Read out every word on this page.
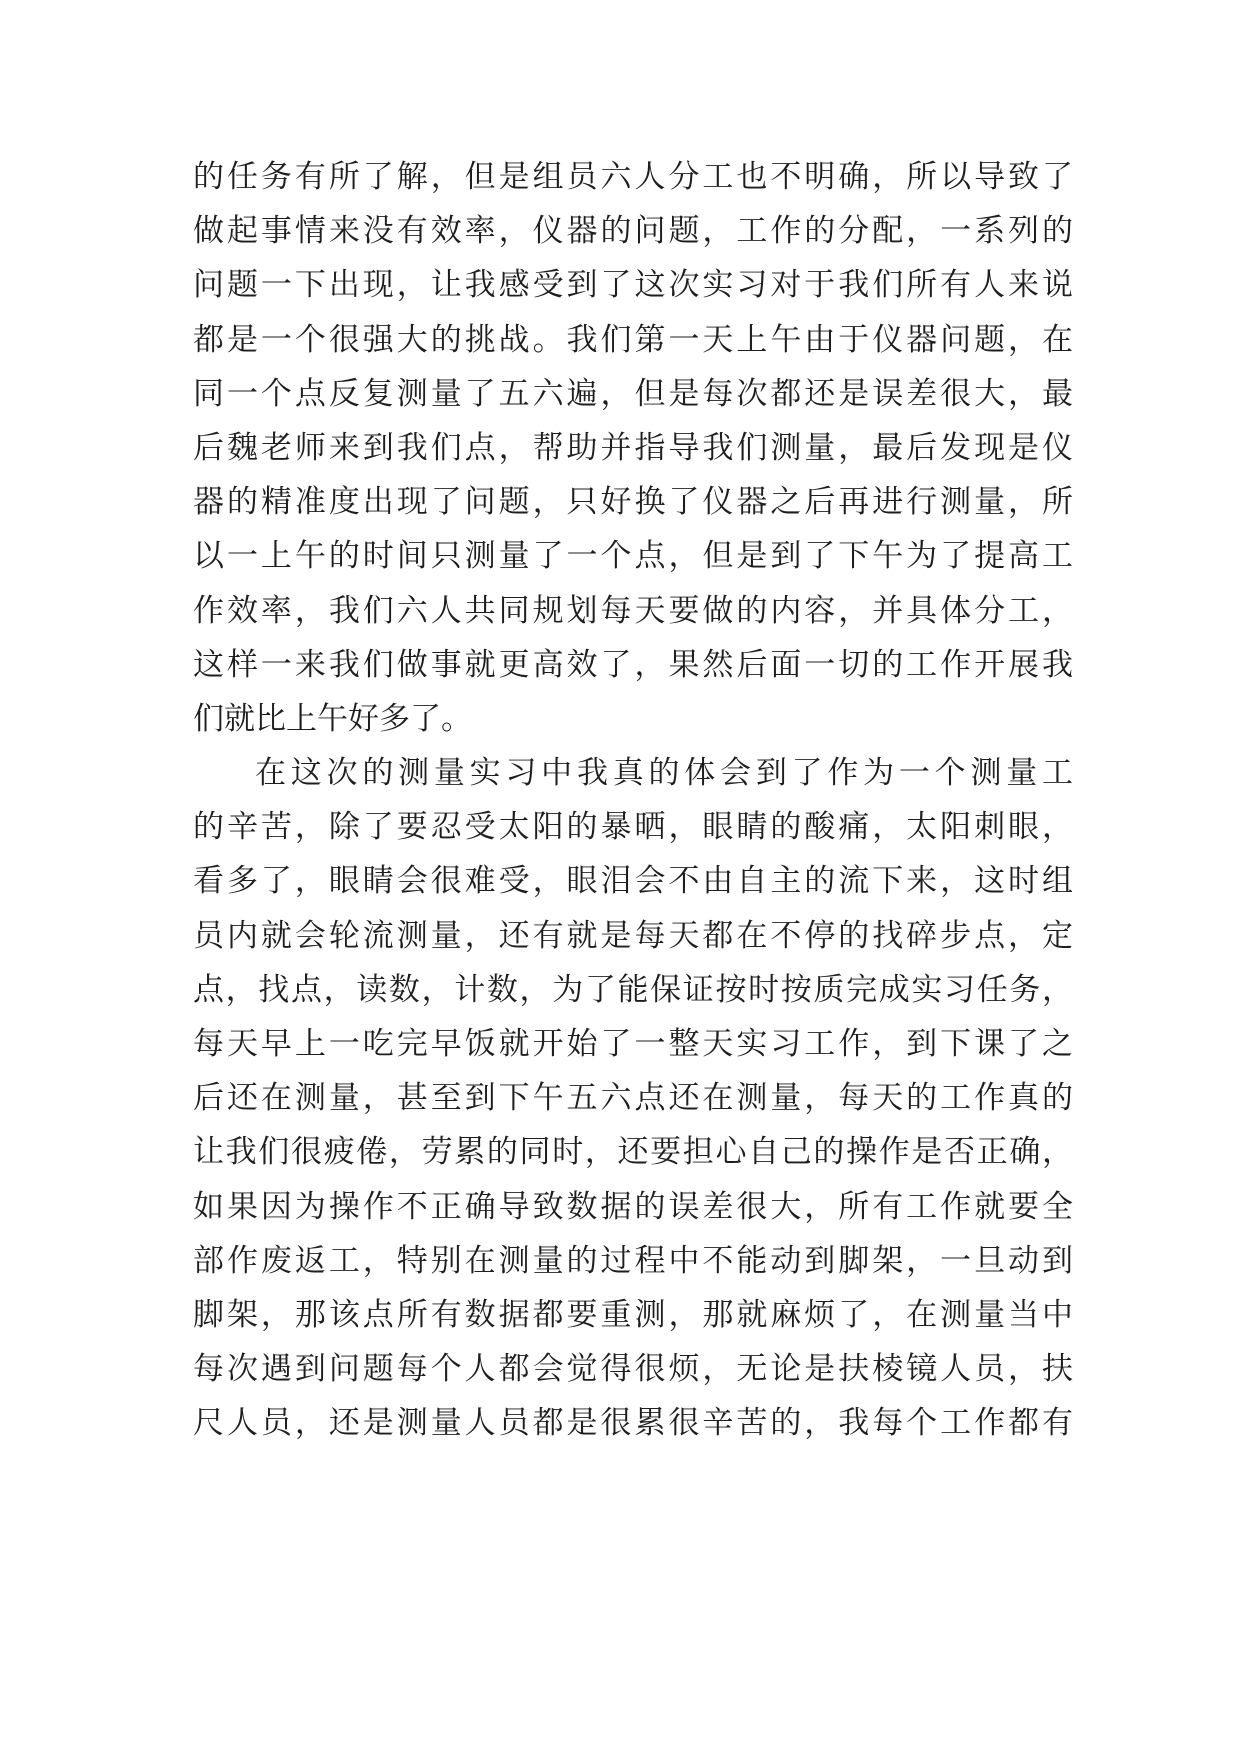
的任务有所了解，但是组员六人分工也不明确，所以导致了
做起事情来没有效率，仪器的问题，工作的分配，一系列的
问题一下出现，让我感受到了这次实习对于我们所有人来说
都是一个很强大的挑战。我们第一天上午由于仪器问题，在
同一个点反复测量了五六遍，但是每次都还是误差很大，最
后魏老师来到我们点，帮助并指导我们测量，最后发现是仪
器的精准度出现了问题，只好换了仪器之后再进行测量，所
以一上午的时间只测量了一个点，但是到了下午为了提高工
作效率，我们六人共同规划每天要做的内容，并具体分工，
这样一来我们做事就更高效了，果然后面一切的工作开展我
们就比上午好多了。
在这次的测量实习中我真的体会到了作为一个测量工
的辛苦，除了要忍受太阳的暴晒，眼睛的酸痛，太阳刺眼，
看多了，眼睛会很难受，眼泪会不由自主的流下来，这时组
员内就会轮流测量，还有就是每天都在不停的找碎步点，定
点，找点，读数，计数，为了能保证按时按质完成实习任务，
每天早上一吃完早饭就开始了一整天实习工作，到下课了之
后还在测量，甚至到下午五六点还在测量，每天的工作真的
让我们很疲倦，劳累的同时，还要担心自己的操作是否正确，
如果因为操作不正确导致数据的误差很大，所有工作就要全
部作废返工，特别在测量的过程中不能动到脚架，一旦动到
脚架，那该点所有数据都要重测，那就麻烦了，在测量当中
每次遇到问题每个人都会觉得很烦，无论是扶棱镜人员，扶
尺人员，还是测量人员都是很累很辛苦的，我每个工作都有
